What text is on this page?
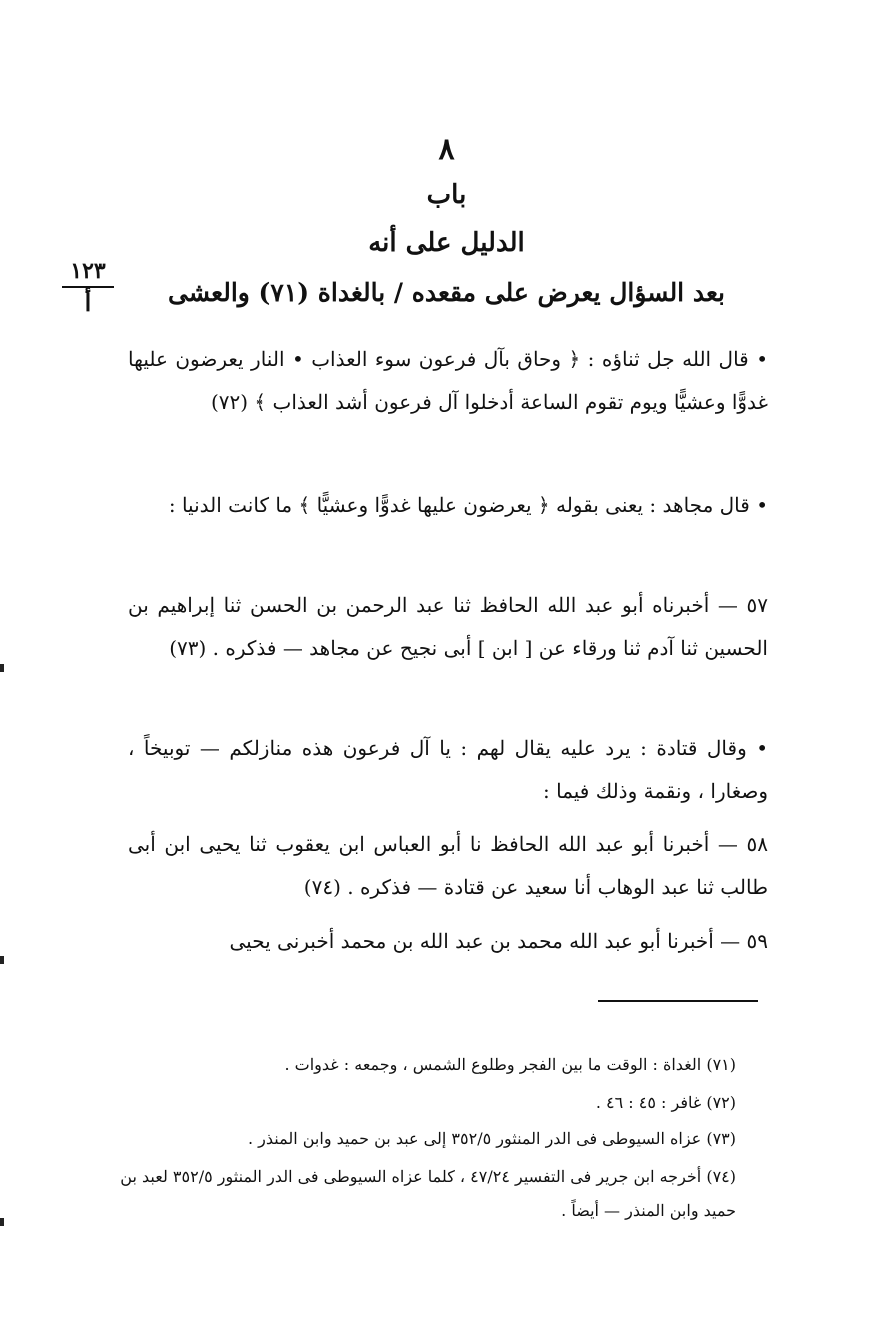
٨
باب
الدليل على أنه
بعد السؤال يعرض على مقعده / بالغداة (٧١) والعشى
١٢٣
أ
• قال الله جل ثناؤه : ﴿ وحاق بآل فرعون سوء العذاب • النار يعرضون عليها غدوًّا وعشيًّا ويوم تقوم الساعة أدخلوا آل فرعون أشد العذاب ﴾ (٧٢)
• قال مجاهد : يعنى بقوله ﴿ يعرضون عليها غدوًّا وعشيًّا ﴾ ما كانت الدنيا :
٥٧ — أخبرناه أبو عبد الله الحافظ ثنا عبد الرحمن بن الحسن ثنا إبراهيم بن الحسين ثنا آدم ثنا ورقاء عن [ ابن ] أبى نجيح عن مجاهد — فذكره . (٧٣)
• وقال قتادة : يرد عليه يقال لهم : يا آل فرعون هذه منازلكم — توبيخاً ، وصغارا ، ونقمة وذلك فيما :
٥٨ — أخبرنا أبو عبد الله الحافظ نا أبو العباس ابن يعقوب ثنا يحيى ابن أبى طالب ثنا عبد الوهاب أنا سعيد عن قتادة — فذكره . (٧٤)
٥٩ — أخبرنا أبو عبد الله محمد بن عبد الله بن محمد أخبرنى يحيى
(٧١) الغداة : الوقت ما بين الفجر وطلوع الشمس ، وجمعه : غدوات .
(٧٢) غافر : ٤٥ : ٤٦ .
(٧٣) عزاه السيوطى فى الدر المنثور ٣٥٢/٥ إلى عبد بن حميد وابن المنذر .
(٧٤) أخرجه ابن جرير فى التفسير ٤٧/٢٤ ، كلما عزاه السيوطى فى الدر المنثور ٣٥٢/٥ لعبد بن حميد وابن المنذر — أيضاً .
